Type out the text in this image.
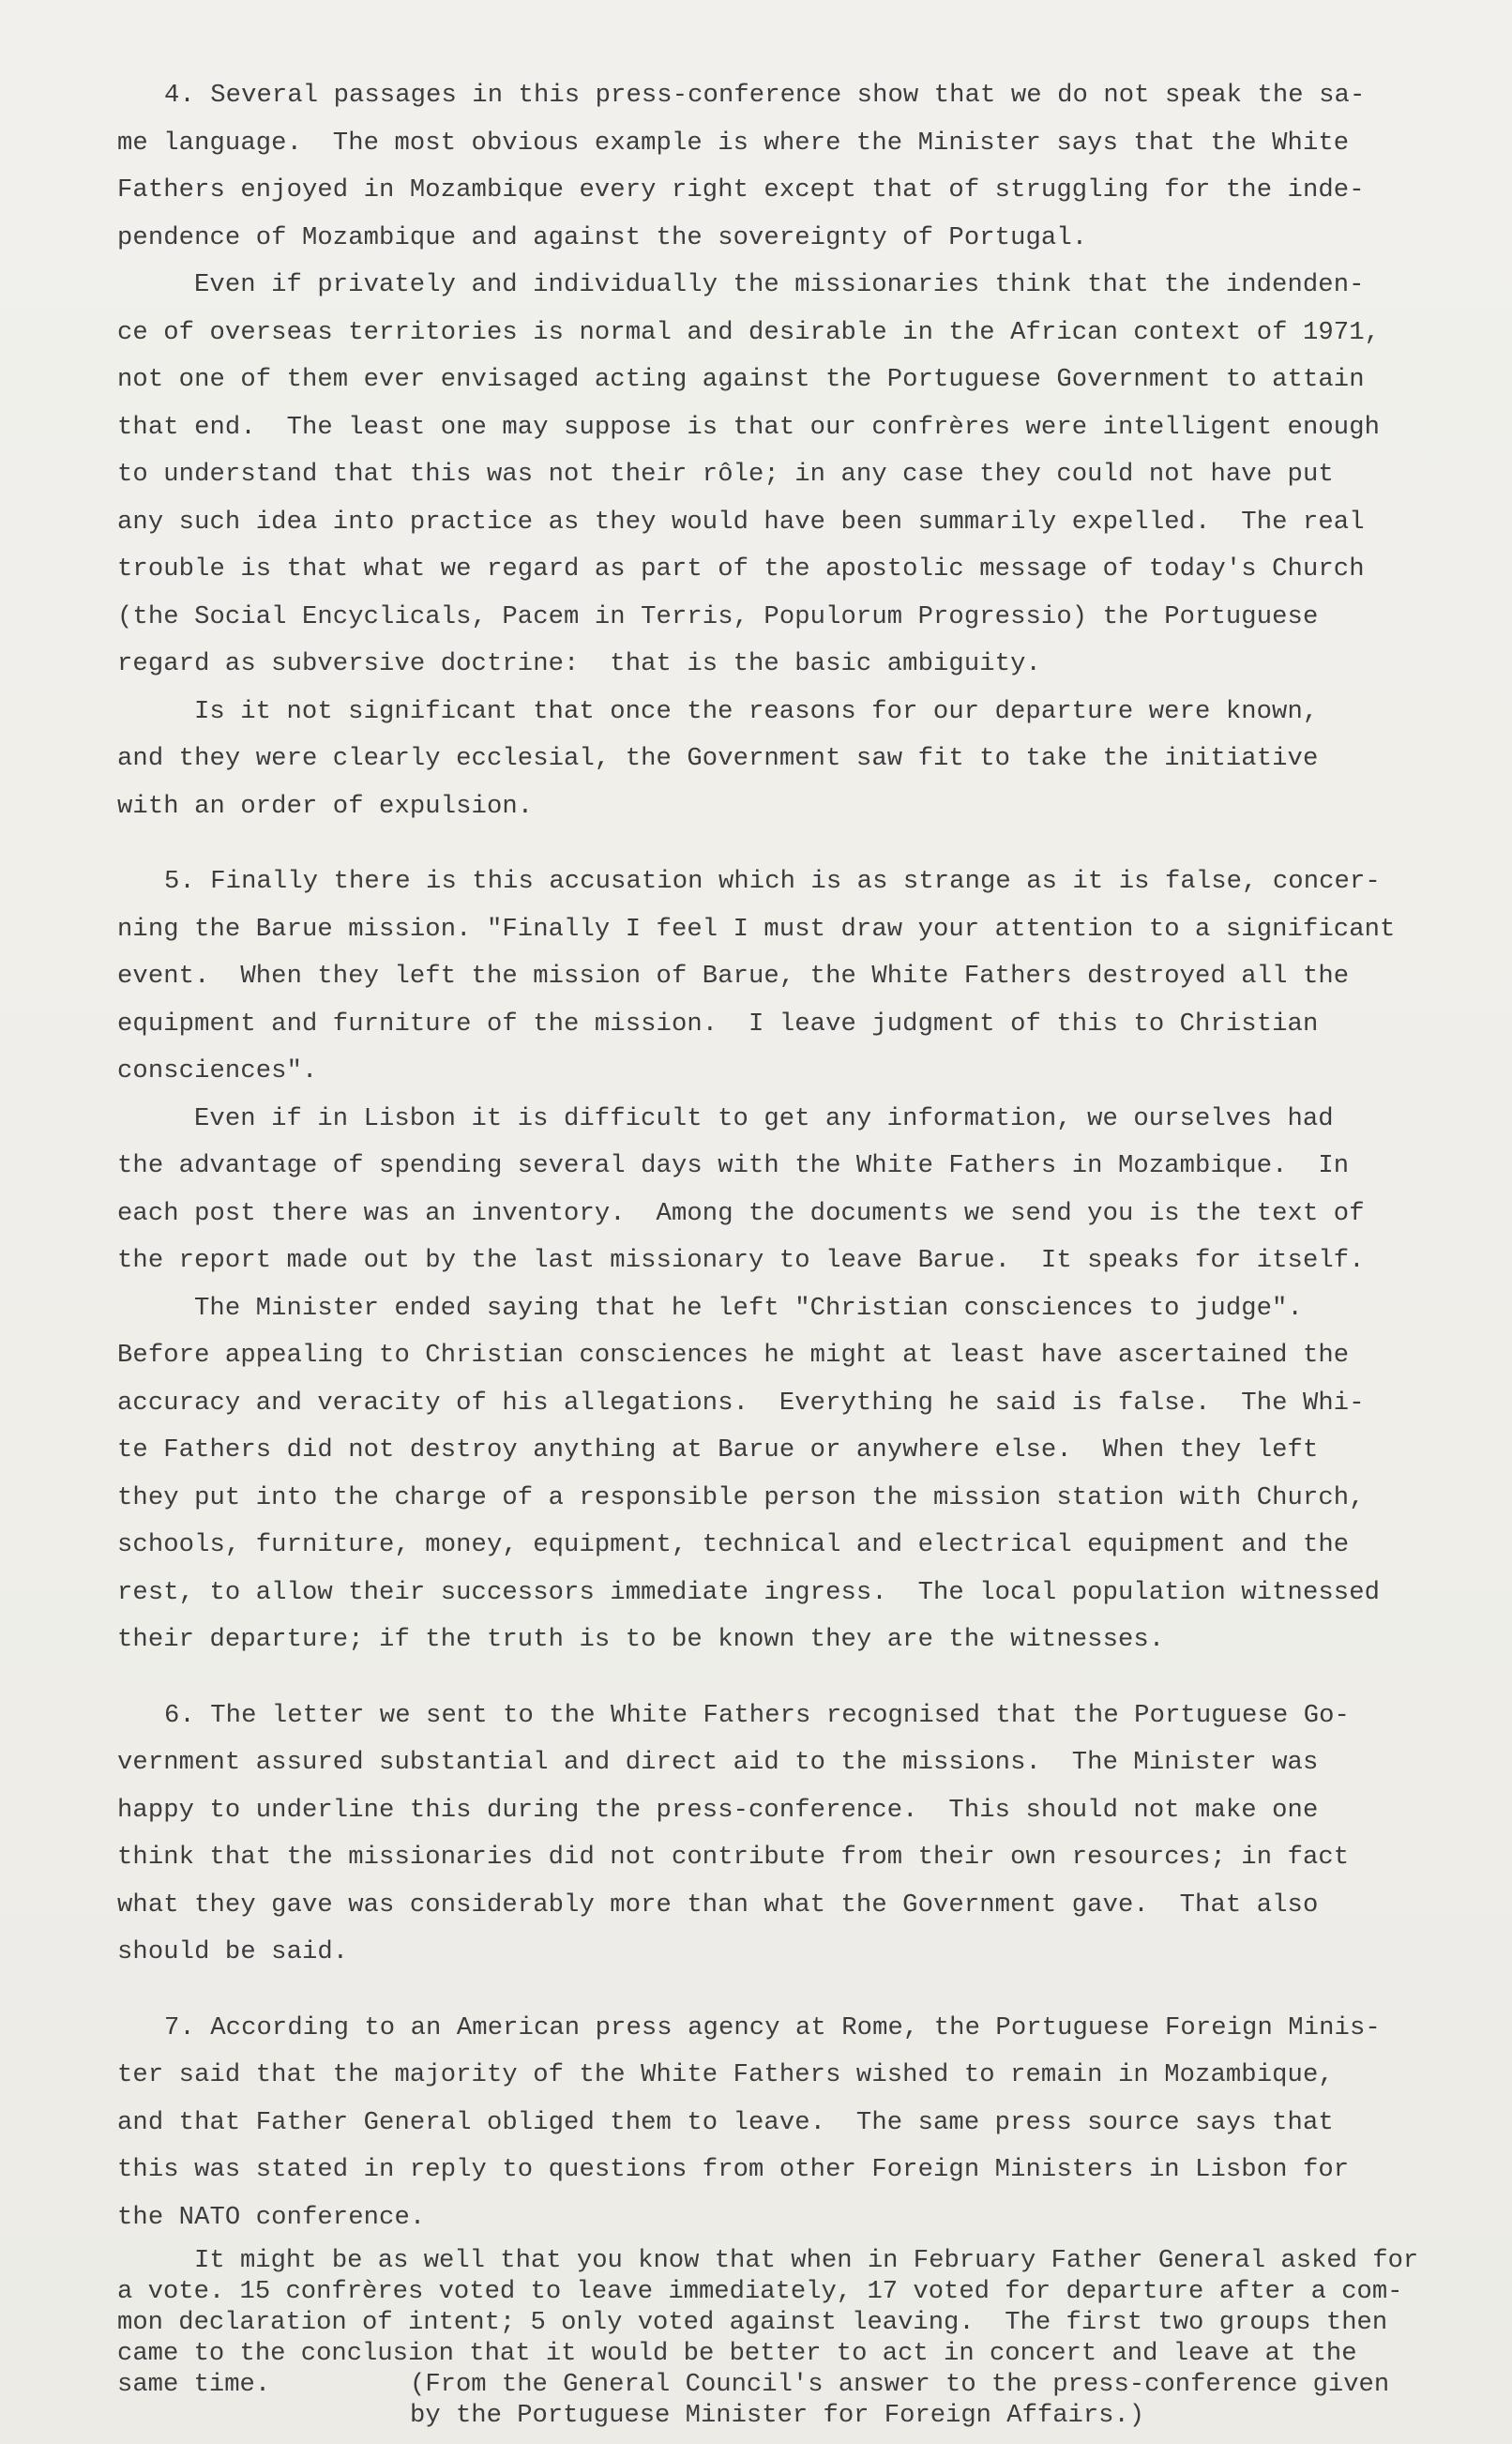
4. Several passages in this press-conference show that we do not speak the sa-
me language.  The most obvious example is where the Minister says that the White
Fathers enjoyed in Mozambique every right except that of struggling for the inde-
pendence of Mozambique and against the sovereignty of Portugal.
Even if privately and individually the missionaries think that the indenden-
ce of overseas territories is normal and desirable in the African context of 1971,
not one of them ever envisaged acting against the Portuguese Government to attain
that end.  The least one may suppose is that our confrères were intelligent enough
to understand that this was not their rôle; in any case they could not have put
any such idea into practice as they would have been summarily expelled.  The real
trouble is that what we regard as part of the apostolic message of today's Church
(the Social Encyclicals, Pacem in Terris, Populorum Progressio) the Portuguese
regard as subversive doctrine:  that is the basic ambiguity.
Is it not significant that once the reasons for our departure were known,
and they were clearly ecclesial, the Government saw fit to take the initiative
with an order of expulsion.
5. Finally there is this accusation which is as strange as it is false, concer-
ning the Barue mission. "Finally I feel I must draw your attention to a significant
event.  When they left the mission of Barue, the White Fathers destroyed all the
equipment and furniture of the mission.  I leave judgment of this to Christian
consciences".
Even if in Lisbon it is difficult to get any information, we ourselves had
the advantage of spending several days with the White Fathers in Mozambique.  In
each post there was an inventory.  Among the documents we send you is the text of
the report made out by the last missionary to leave Barue.  It speaks for itself.
The Minister ended saying that he left "Christian consciences to judge".
Before appealing to Christian consciences he might at least have ascertained the
accuracy and veracity of his allegations.  Everything he said is false.  The Whi-
te Fathers did not destroy anything at Barue or anywhere else.  When they left
they put into the charge of a responsible person the mission station with Church,
schools, furniture, money, equipment, technical and electrical equipment and the
rest, to allow their successors immediate ingress.  The local population witnessed
their departure; if the truth is to be known they are the witnesses.
6. The letter we sent to the White Fathers recognised that the Portuguese Go-
vernment assured substantial and direct aid to the missions.  The Minister was
happy to underline this during the press-conference.  This should not make one
think that the missionaries did not contribute from their own resources; in fact
what they gave was considerably more than what the Government gave.  That also
should be said.
7. According to an American press agency at Rome, the Portuguese Foreign Minis-
ter said that the majority of the White Fathers wished to remain in Mozambique,
and that Father General obliged them to leave.  The same press source says that
this was stated in reply to questions from other Foreign Ministers in Lisbon for
the NATO conference.
It might be as well that you know that when in February Father General asked for
a vote. 15 confrères voted to leave immediately, 17 voted for departure after a com-
mon declaration of intent; 5 only voted against leaving.  The first two groups then
came to the conclusion that it would be better to act in concert and leave at the
same time.	(From the General Council's answer to the press-conference given
by the Portuguese Minister for Foreign Affairs.)
